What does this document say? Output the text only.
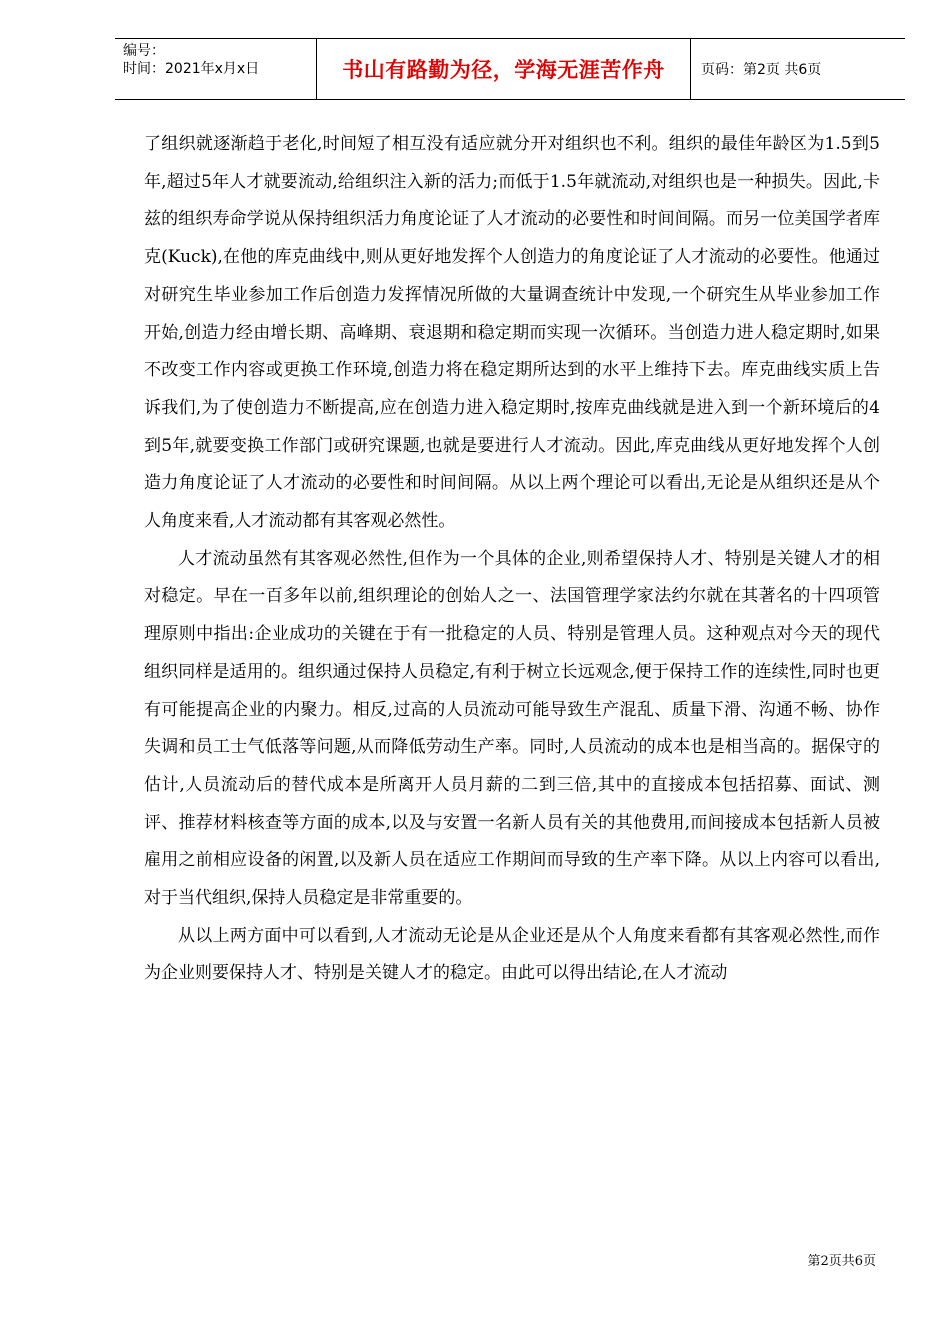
编号：
时间：2021年x月x日	书山有路勤为径，学海无涯苦作舟	页码：第2页 共6页

了组织就逐渐趋于老化,时间短了相互没有适应就分开对组织也不利。组织的最佳年龄区为1.5到5年,超过5年人才就要流动,给组织注入新的活力;而低于1.5年就流动,对组织也是一种损失。因此,卡兹的组织寿命学说从保持组织活力角度论证了人才流动的必要性和时间间隔。而另一位美国学者库克(Kuck),在他的库克曲线中,则从更好地发挥个人创造力的角度论证了人才流动的必要性。他通过对研究生毕业参加工作后创造力发挥情况所做的大量调查统计中发现,一个研究生从毕业参加工作开始,创造力经由增长期、高峰期、衰退期和稳定期而实现一次循环。当创造力进人稳定期时,如果不改变工作内容或更换工作环境,创造力将在稳定期所达到的水平上维持下去。库克曲线实质上告诉我们,为了使创造力不断提高,应在创造力进入稳定期时,按库克曲线就是进入到一个新环境后的4到5年,就要变换工作部门或研究课题,也就是要进行人才流动。因此,库克曲线从更好地发挥个人创造力角度论证了人才流动的必要性和时间间隔。从以上两个理论可以看出,无论是从组织还是从个人角度来看,人才流动都有其客观必然性。

人才流动虽然有其客观必然性,但作为一个具体的企业,则希望保持人才、特别是关键人才的相对稳定。早在一百多年以前,组织理论的创始人之一、法国管理学家法约尔就在其著名的十四项管理原则中指出:企业成功的关键在于有一批稳定的人员、特别是管理人员。这种观点对今天的现代组织同样是适用的。组织通过保持人员稳定,有利于树立长远观念,便于保持工作的连续性,同时也更有可能提高企业的内聚力。相反,过高的人员流动可能导致生产混乱、质量下滑、沟通不畅、协作失调和员工士气低落等问题,从而降低劳动生产率。同时,人员流动的成本也是相当高的。据保守的估计,人员流动后的替代成本是所离开人员月薪的二到三倍,其中的直接成本包括招募、面试、测评、推荐材料核查等方面的成本,以及与安置一名新人员有关的其他费用,而间接成本包括新人员被雇用之前相应设备的闲置,以及新人员在适应工作期间而导致的生产率下降。从以上内容可以看出,对于当代组织,保持人员稳定是非常重要的。

从以上两方面中可以看到,人才流动无论是从企业还是从个人角度来看都有其客观必然性,而作为企业则要保持人才、特别是关键人才的稳定。由此可以得出结论,在人才流动

第2页共6页
